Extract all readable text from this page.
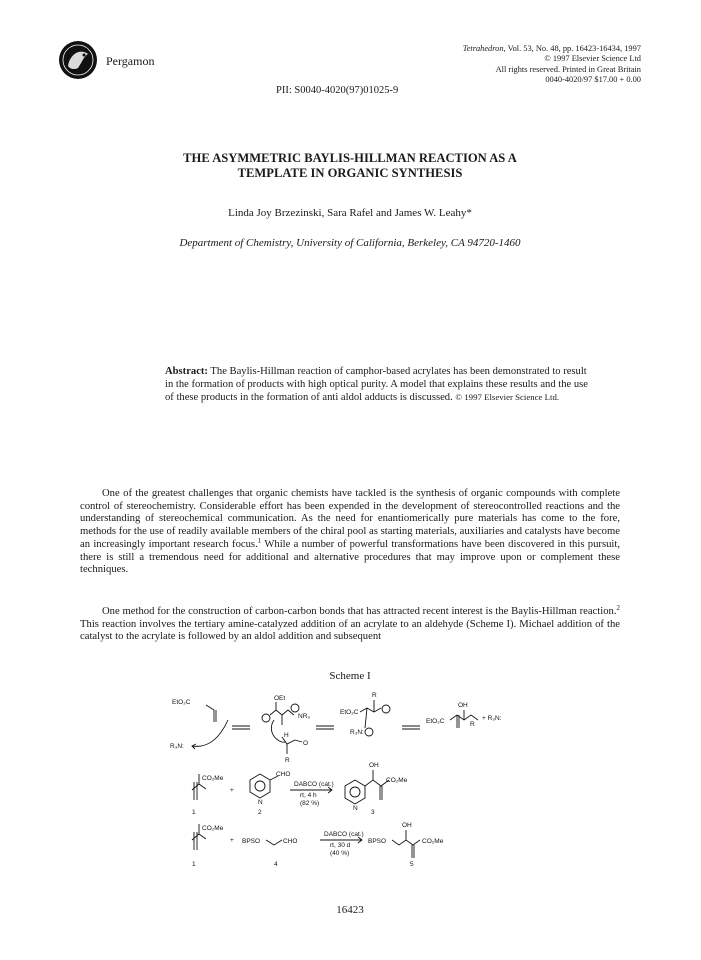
Pergamon
Tetrahedron, Vol. 53, No. 48, pp. 16423-16434, 1997
© 1997 Elsevier Science Ltd
All rights reserved. Printed in Great Britain
0040-4020/97 $17.00 + 0.00
PII: S0040-4020(97)01025-9
THE ASYMMETRIC BAYLIS-HILLMAN REACTION AS A
TEMPLATE IN ORGANIC SYNTHESIS
Linda Joy Brzezinski, Sara Rafel and James W. Leahy*
Department of Chemistry, University of California, Berkeley, CA 94720-1460
Abstract: The Baylis-Hillman reaction of camphor-based acrylates has been demonstrated to result in the formation of products with high optical purity. A model that explains these results and the use of these products in the formation of anti aldol adducts is discussed. © 1997 Elsevier Science Ltd.
One of the greatest challenges that organic chemists have tackled is the synthesis of organic compounds with complete control of stereochemistry. Considerable effort has been expended in the development of stereocontrolled reactions and the understanding of stereochemical communication. As the need for enantiomerically pure materials has come to the fore, methods for the use of readily available members of the chiral pool as starting materials, auxiliaries and catalysts have become an increasingly important research focus.$^1$ While a number of powerful transformations have been discovered in this pursuit, there is still a tremendous need for additional and alternative procedures that may improve upon or complement these techniques.
One method for the construction of carbon-carbon bonds that has attracted recent interest is the Baylis-Hillman reaction.$^2$ This reaction involves the tertiary amine-catalyzed addition of an acrylate to an aldehyde (Scheme I). Michael addition of the catalyst to the acrylate is followed by an aldol addition and subsequent
Scheme I
EtO₂C
R₃N:
OEt
NR₃
H
O
R
EtO₂C
R
R₃N:
EtO₂C
OH
R
+ R₃N:
CO₂Me
+
CHO
N
DABCO (cat.)
rt, 4 h
(82 %)
OH
CO₂Me
N
1	2	3
CO₂Me
+ BPSO	CHO
DABCO (cat.)
rt, 30 d
(40 %)
BPSO
OH
CO₂Me
1	4	5
16423
